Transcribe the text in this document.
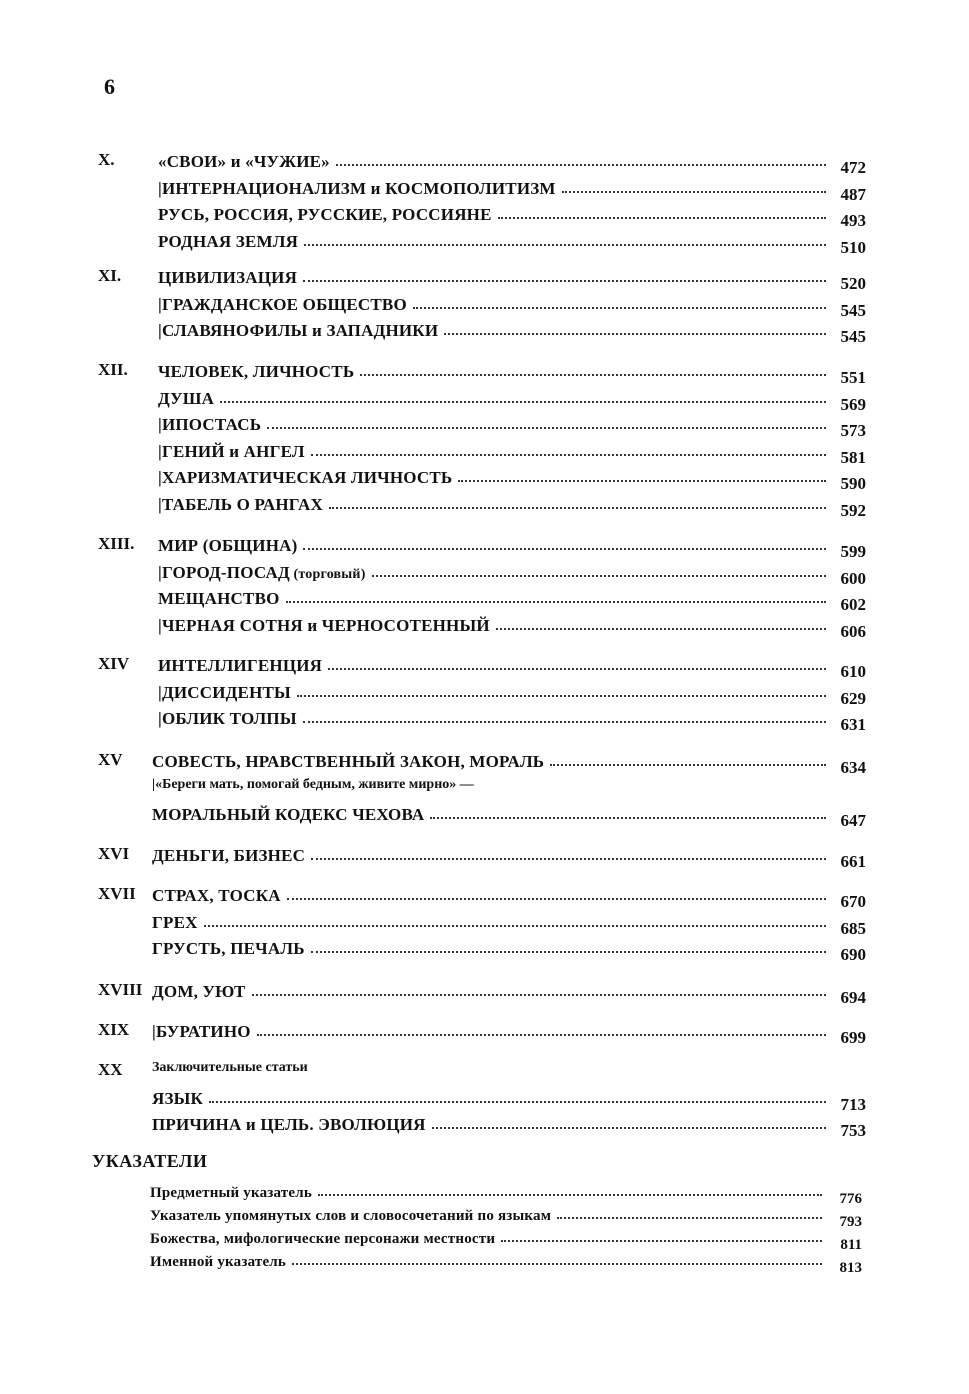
6
X.	«СВОИ» и «ЧУЖИЕ»	472
|ИНТЕРНАЦИОНАЛИЗМ и КОСМОПОЛИТИЗМ	487
РУСЬ, РОССИЯ, РУССКИЕ, РОССИЯНЕ	493
РОДНАЯ ЗЕМЛЯ	510
XI.	ЦИВИЛИЗАЦИЯ	520
|ГРАЖДАНСКОЕ ОБЩЕСТВО	545
|СЛАВЯНОФИЛЫ и ЗАПАДНИКИ	545
XII.	ЧЕЛОВЕК, ЛИЧНОСТЬ	551
ДУША	569
|ИПОСТАСЬ	573
|ГЕНИЙ и АНГЕЛ	581
|ХАРИЗМАТИЧЕСКАЯ ЛИЧНОСТЬ	590
|ТАБЕЛЬ О РАНГАХ	592
XIII.	МИР (ОБЩИНА)	599
|ГОРОД-ПОСАД (торговый)	600
МЕЩАНСТВО	602
|ЧЕРНАЯ СОТНЯ и ЧЕРНОСОТЕННЫЙ	606
XIV	ИНТЕЛЛИГЕНЦИЯ	610
|ДИССИДЕНТЫ	629
|ОБЛИК ТОЛПЫ	631
XV	СОВЕСТЬ, НРАВСТВЕННЫЙ ЗАКОН, МОРАЛЬ	634
|«Береги мать, помогай бедным, живите мирно» —
МОРАЛЬНЫЙ КОДЕКС ЧЕХОВА	647
XVI	ДЕНЬГИ, БИЗНЕС	661
XVII СТРАХ, ТОСКА	670
ГРЕХ	685
ГРУСТЬ, ПЕЧАЛЬ	690
XVIII ДОМ, УЮТ	694
XIX	|БУРАТИНО	699
XX	Заключительные статьи
ЯЗЫК	713
ПРИЧИНА и ЦЕЛЬ. ЭВОЛЮЦИЯ	753
УКАЗАТЕЛИ
Предметный указатель	776
Указатель упомянутых слов и словосочетаний по языкам	793
Божества, мифологические персонажи местности	811
Именной указатель	813
